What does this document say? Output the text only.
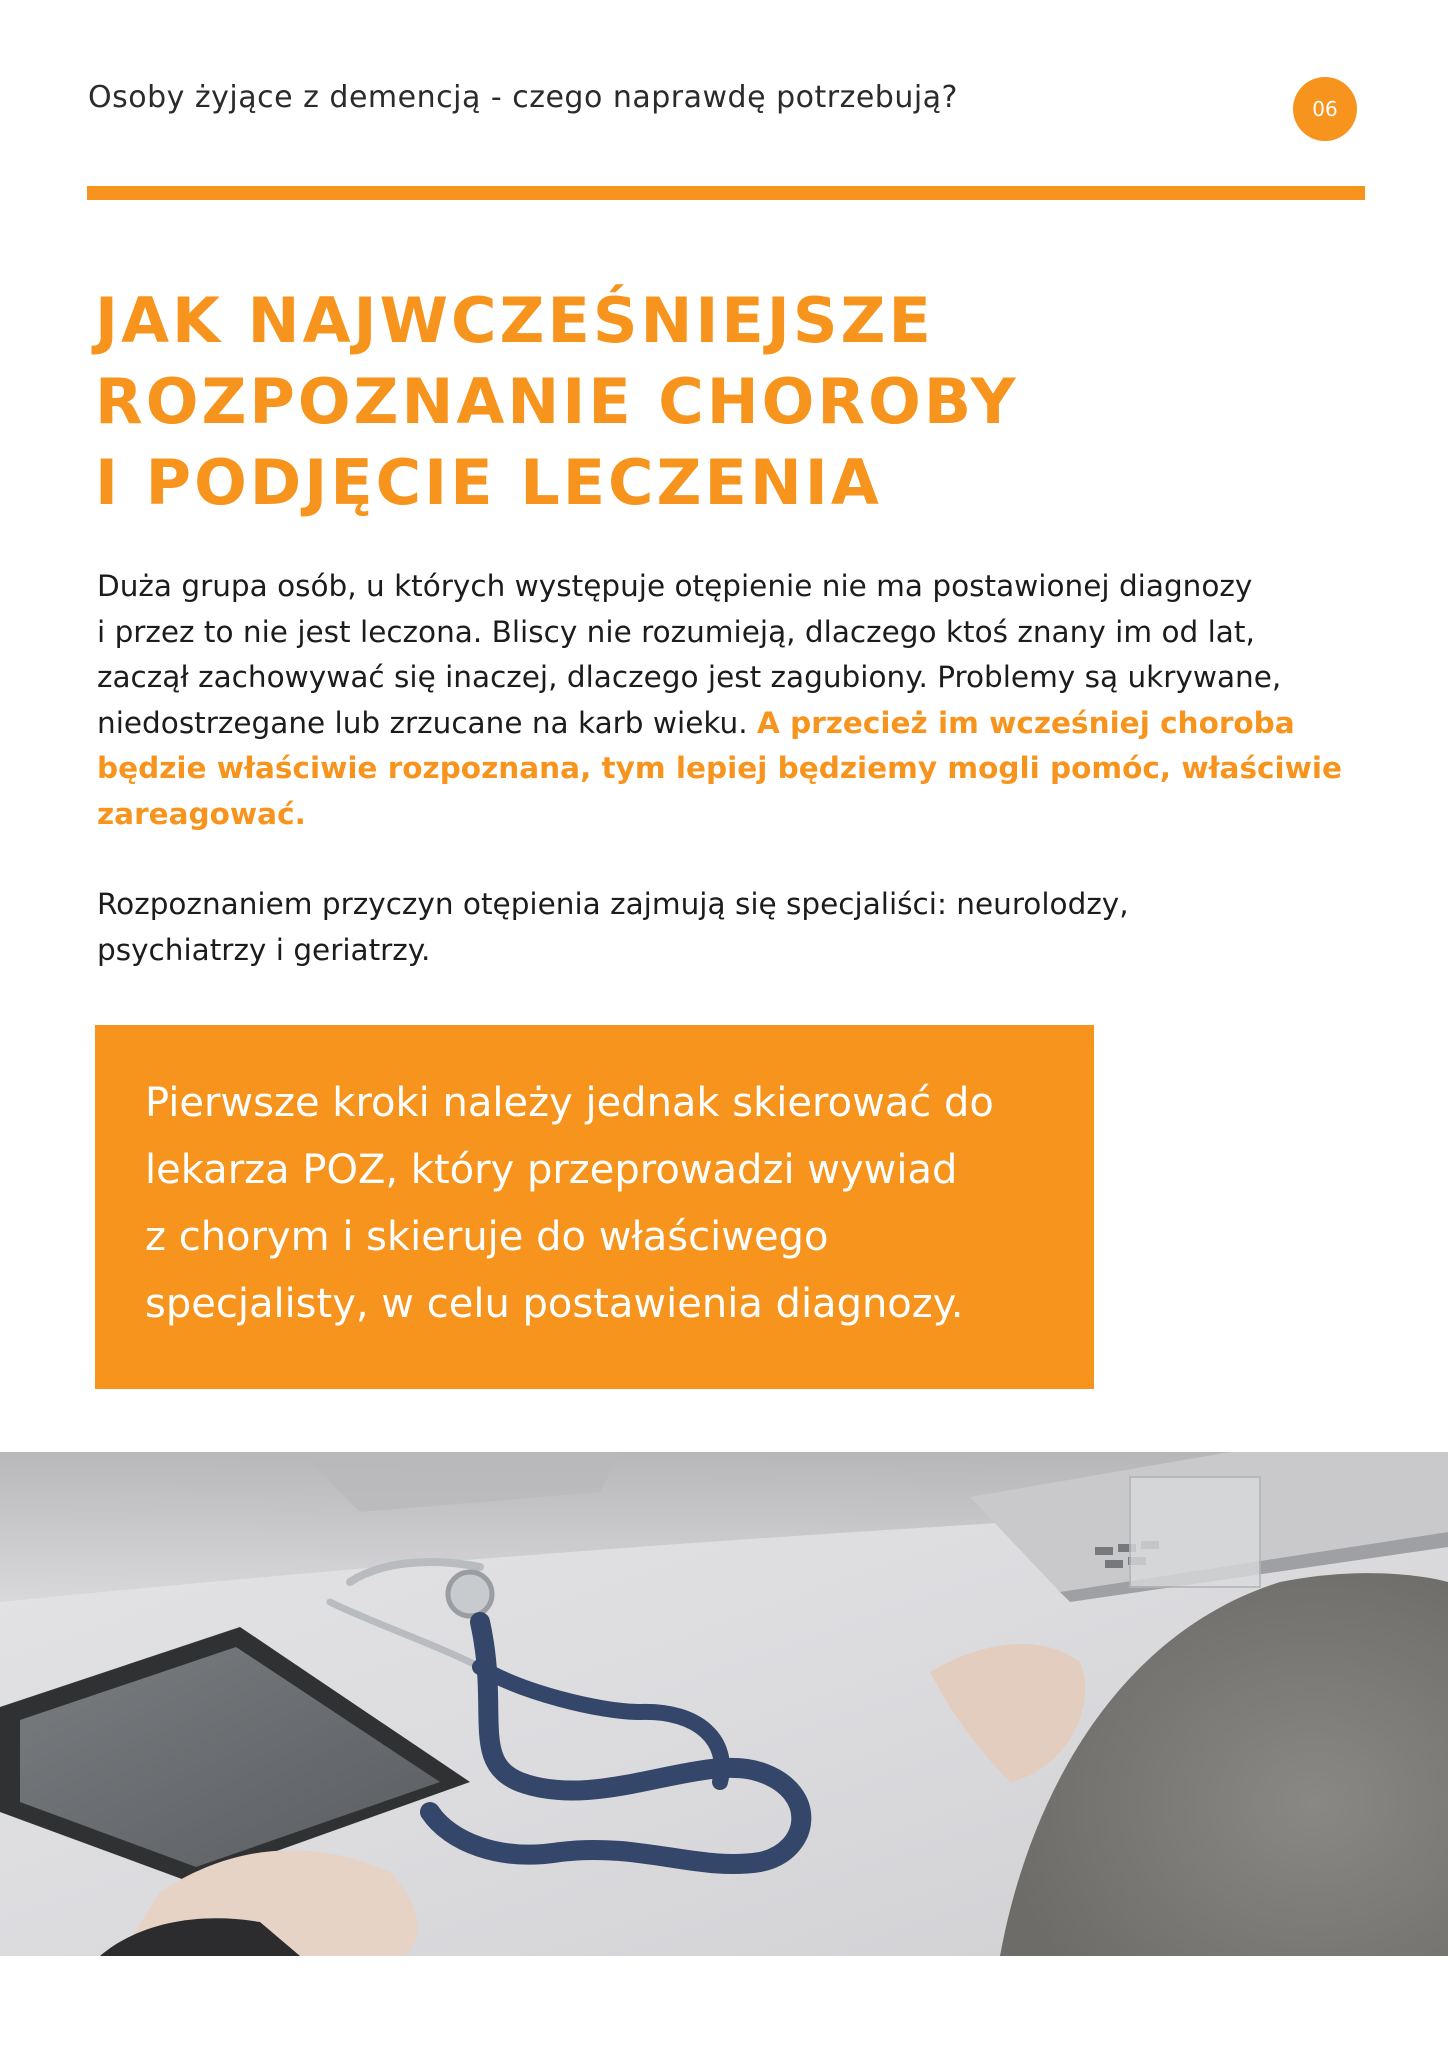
Osoby żyjące z demencją - czego naprawdę potrzebują?	06
JAK NAJWCZEŚNIEJSZE
ROZPOZNANIE CHOROBY
I PODJĘCIE LECZENIA

Duża grupa osób, u których występuje otępienie nie ma postawionej diagnozy
i przez to nie jest leczona. Bliscy nie rozumieją, dlaczego ktoś znany im od lat,
zaczął zachowywać się inaczej, dlaczego jest zagubiony. Problemy są ukrywane,
niedostrzegane lub zrzucane na karb wieku. A przecież im wcześniej choroba
będzie właściwie rozpoznana, tym lepiej będziemy mogli pomóc, właściwie
zareagować.

Rozpoznaniem przyczyn otępienia zajmują się specjaliści: neurolodzy,
psychiatrzy i geriatrzy.

Pierwsze kroki należy jednak skierować do
lekarza POZ, który przeprowadzi wywiad
z chorym i skieruje do właściwego
specjalisty, w celu postawienia diagnozy.
